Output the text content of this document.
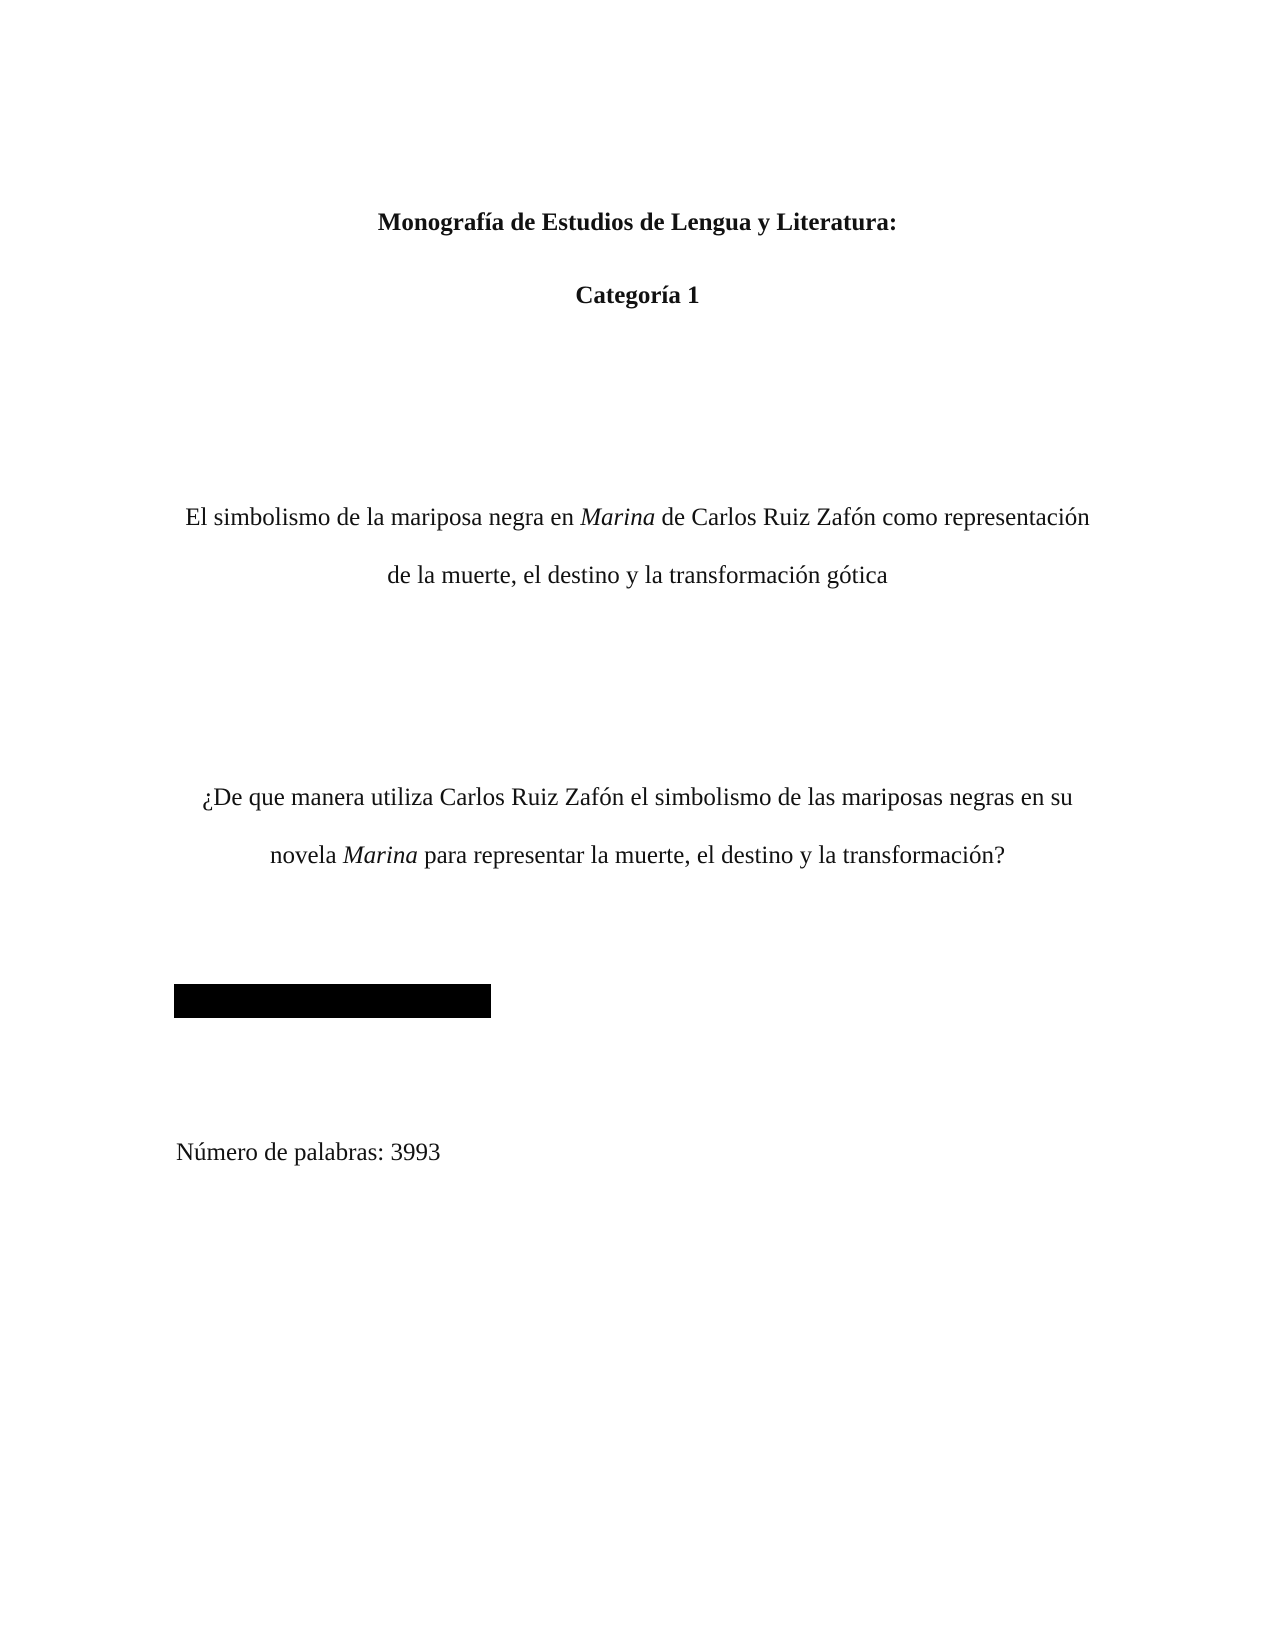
Monografía de Estudios de Lengua y Literatura:
Categoría 1
El simbolismo de la mariposa negra en Marina de Carlos Ruiz Zafón como representación
de la muerte, el destino y la transformación gótica
¿De que manera utiliza Carlos Ruiz Zafón el simbolismo de las mariposas negras en su
novela Marina para representar la muerte, el destino y la transformación?
Número de palabras: 3993
